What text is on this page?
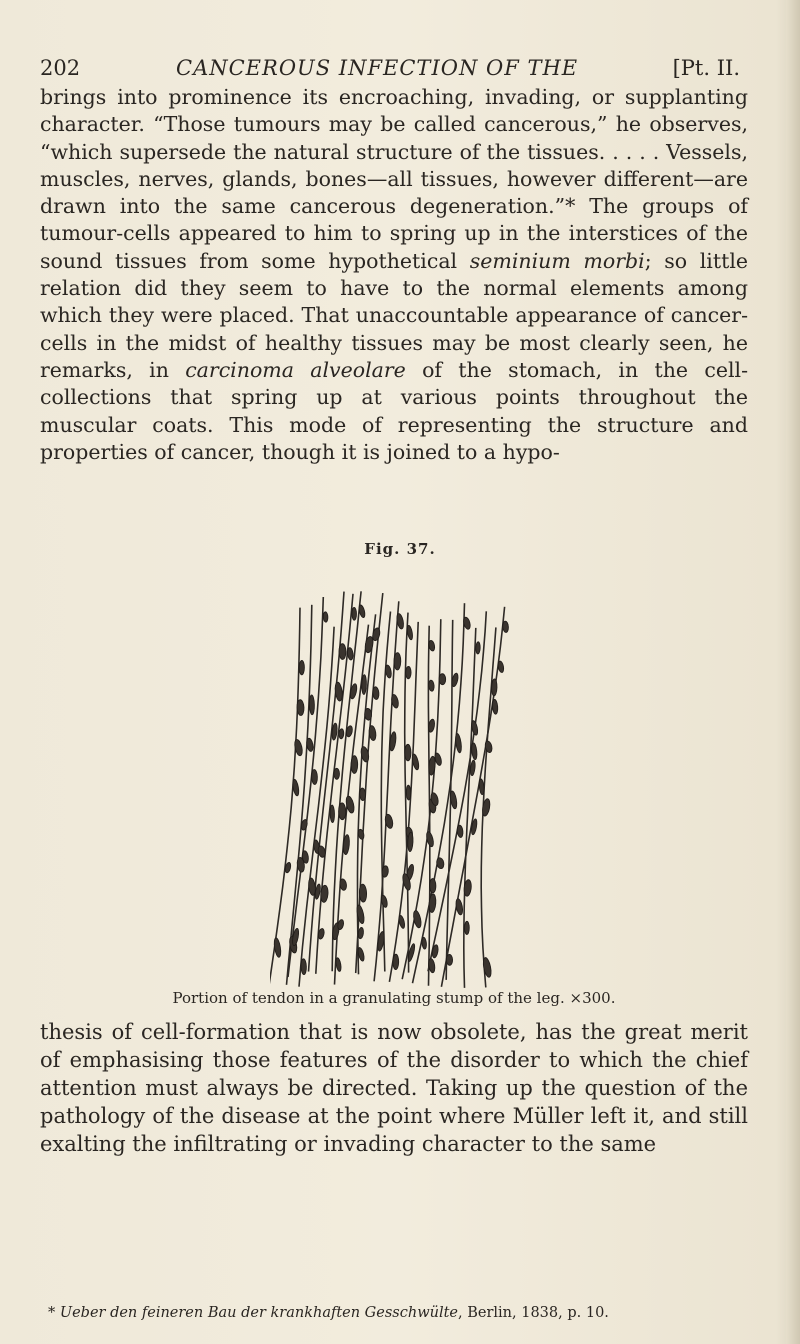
202	CANCEROUS INFECTION OF THE	[Pt. II.

brings into prominence its encroaching, invading, or supplanting character. “Those tumours may be called cancerous,” he observes, “which supersede the natural structure of the tissues. . . . . Vessels, muscles, nerves, glands, bones—all tissues, however different—are drawn into the same cancerous degeneration.”* The groups of tumour-cells appeared to him to spring up in the interstices of the sound tissues from some hypothetical seminium morbi; so little relation did they seem to have to the normal elements among which they were placed. That unaccountable appearance of cancer-cells in the midst of healthy tissues may be most clearly seen, he remarks, in carcinoma alveolare of the stomach, in the cell-collections that spring up at various points throughout the muscular coats. This mode of representing the structure and properties of cancer, though it is joined to a hypo-

Fig. 37.
Portion of tendon in a granulating stump of the leg. ×300.

thesis of cell-formation that is now obsolete, has the great merit of emphasising those features of the disorder to which the chief attention must always be directed. Taking up the question of the pathology of the disease at the point where Müller left it, and still exalting the infiltrating or invading character to the same

* Ueber den feineren Bau der krankhaften Gesschwülte, Berlin, 1838, p. 10.
